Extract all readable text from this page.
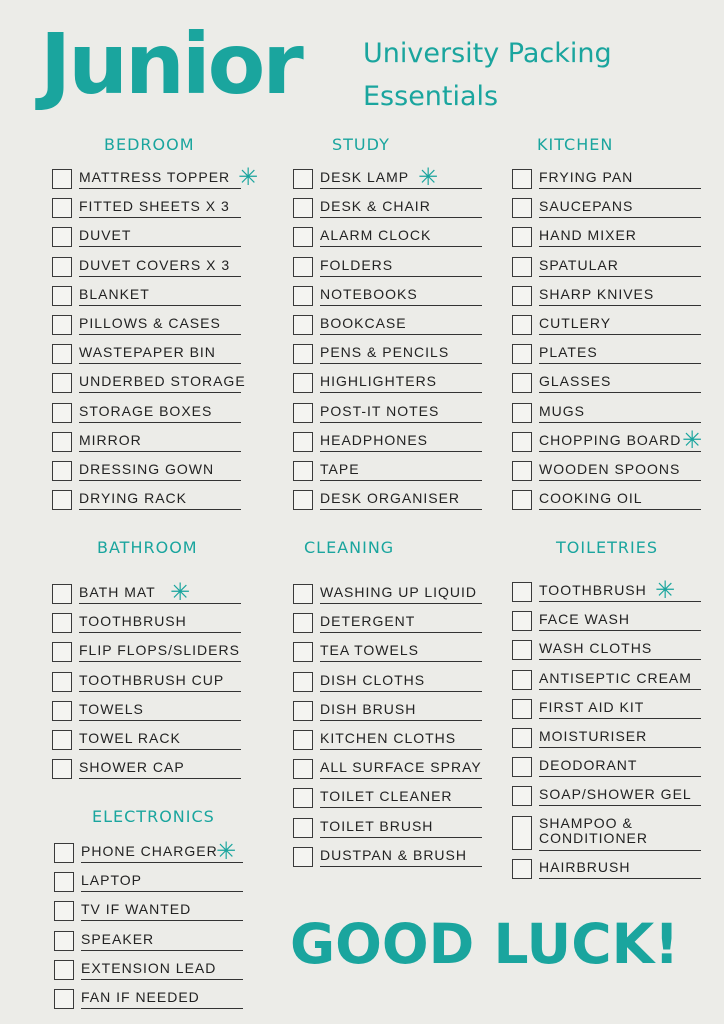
Junior University Packing Essentials
BEDROOM	STUDY	KITCHEN
BATHROOM	CLEANING	TOILETRIES
ELECTRONICS
MATTRESS TOPPER ✳
FITTED SHEETS X 3
DUVET
DUVET COVERS X 3
BLANKET
PILLOWS & CASES
WASTEPAPER BIN
UNDERBED STORAGE
STORAGE BOXES
MIRROR
DRESSING GOWN
DRYING RACK
DESK LAMP ✳
DESK & CHAIR
ALARM CLOCK
FOLDERS
NOTEBOOKS
BOOKCASE
PENS & PENCILS
HIGHLIGHTERS
POST-IT NOTES
HEADPHONES
TAPE
DESK ORGANISER
FRYING PAN
SAUCEPANS
HAND MIXER
SPATULAR
SHARP KNIVES
CUTLERY
PLATES
GLASSES
MUGS
CHOPPING BOARD ✳
WOODEN SPOONS
COOKING OIL
BATH MAT ✳
TOOTHBRUSH
FLIP FLOPS/SLIDERS
TOOTHBRUSH CUP
TOWELS
TOWEL RACK
SHOWER CAP
WASHING UP LIQUID
DETERGENT
TEA TOWELS
DISH CLOTHS
DISH BRUSH
KITCHEN CLOTHS
ALL SURFACE SPRAY
TOILET CLEANER
TOILET BRUSH
DUSTPAN & BRUSH
TOOTHBRUSH ✳
FACE WASH
WASH CLOTHS
ANTISEPTIC CREAM
FIRST AID KIT
MOISTURISER
DEODORANT
SOAP/SHOWER GEL
SHAMPOO & CONDITIONER
HAIRBRUSH
PHONE CHARGER
✳
LAPTOP
TV IF WANTED
SPEAKER
EXTENSION LEAD
FAN IF NEEDED
GOOD LUCK!
